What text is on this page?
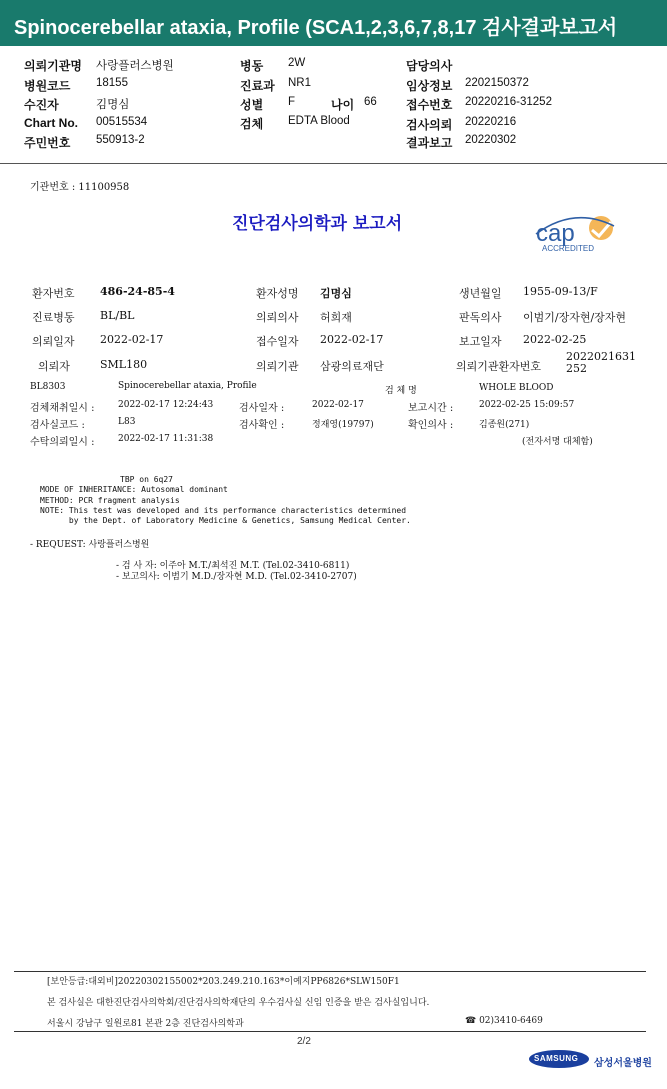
Spinocerebellar ataxia, Profile (SCA1,2,3,6,7,8,17 검사결과보고서
의뢰기관명 사랑플러스병원	병동 2W	담당의사
병원코드 18155	진료과 NR1	임상정보 2202150372
수진자	김명심	성별 F	나이 66 접수번호 20220216-31252
Chart No. 00515534	검체 EDTA Blood	검사의뢰 20220216
주민번호 550913-2	결과보고 20220302
기관번호 : 11100958
진단검사의학과 보고서	cap
ACCREDITED
환자번호 486-24-85-4	환자성명 김명심	생년월일 1955-09-13/F
진료병동 BL/BL	의뢰의사 허희재	판독의사 이범기/장자현/장자현
의뢰일자 2022-02-17	접수일자 2022-02-17	보고일자 2022-02-25
의뢰자	SML180	의뢰기관 삼광의료재단	의뢰기관환자번호
2022021631252
BL8303	Spinocerebellar ataxia, Profile	검 체 명	WHOLE BLOOD
검체채취일시 :	2022-02-17 12:24:43	검사일자 :	2022-02-17	보고시간 :	2022-02-25 15:09:57
검사실코드 :	L83	검사확인 :	정재영(19797)	확인의사 :	김종원(271)
수탁의뢰일시 :	2022-02-17 11:31:38	(전자서명 대체함)
TBP on 6q27
MODE OF INHERITANCE: Autosomal dominant
METHOD: PCR fragment analysis
NOTE: This test was developed and its performance characteristics determined
by the Dept. of Laboratory Medicine & Genetics, Samsung Medical Center.
- REQUEST: 사랑플러스병원
- 검 사 자: 이주아 M.T./최석진 M.T. (Tel.02-3410-6811)
- 보고의사: 이범기 M.D./장자현 M.D. (Tel.02-3410-2707)
[보안등급:대외비]20220302155002*203.249.210.163*이예지PP6826*SLW150F1
본 검사실은 대한진단검사의학회/진단검사의학재단의 우수검사실 신임 인증을 받은 검사실입니다.
서울시 강남구 일원로81 본관 2층 진단검사의학과	☎ 02)3410-6469
2/2
SAMSUNG 삼성서울병원
